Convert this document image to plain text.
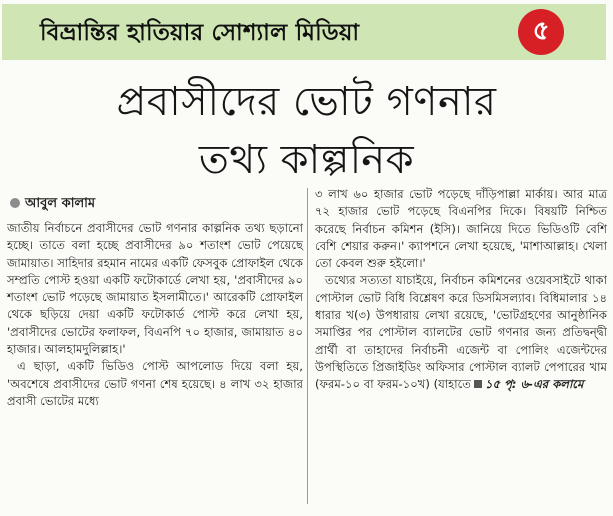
বিভ্রান্তির হাতিয়ার সোশ্যাল মিডিয়া	৫
প্রবাসীদের ভোট গণনার
তথ্য কাল্পনিক
আবুল কালাম

জাতীয় নির্বাচনে প্রবাসীদের ভোট গণনার কাল্পনিক তথ্য ছড়ানো হচ্ছে। তাতে বলা হচ্ছে প্রবাসীদের ৯০ শতাংশ ভোট পেয়েছে জামায়াত। সাহিদার রহমান নামের একটি ফেসবুক প্রোফাইল থেকে সম্প্রতি পোস্ট হওয়া একটি ফটোকার্ডে লেখা হয়, 'প্রবাসীদের ৯০ শতাংশ ভোট পড়েছে জামায়াত ইসলামীতে।' আরেকটি প্রোফাইল থেকে ছড়িয়ে দেয়া একটি ফটোকার্ড পোস্ট করে লেখা হয়, 'প্রবাসীদের ভোটের ফলাফল, বিএনপি ৭০ হাজার, জামায়াত ৪০ হাজার। আলহামদুলিল্লাহ।'

এ ছাড়া, একটি ভিডিও পোস্ট আপলোড দিয়ে বলা হয়, 'অবশেষে প্রবাসীদের ভোট গণনা শেষ হয়েছে। ৪ লাখ ৩২ হাজার প্রবাসী ভোটের মধ্যে

৩ লাখ ৬০ হাজার ভোট পড়েছে দাঁড়িপাল্লা মার্কায়। আর মাত্র ৭২ হাজার ভোট পড়েছে বিএনপির দিকে। বিষয়টি নিশ্চিত করেছে নির্বাচন কমিশন (ইসি)। জানিয়ে দিতে ভিডিওটি বেশি বেশি শেয়ার করুন।' ক্যাপশনে লেখা হয়েছে, 'মাশাআল্লাহ। খেলা তো কেবল শুরু হইলো।'

তথ্যের সত্যতা যাচাইয়ে, নির্বাচন কমিশনের ওয়েবসাইটে থাকা পোস্টাল ভোট বিধি বিশ্লেষণ করে ডিসমিসল্যাব। বিধিমালার ১৪ ধারার খ(৩) উপধারায় লেখা রয়েছে, 'ভোটগ্রহণের আনুষ্ঠানিক সমাপ্তির পর পোস্টাল ব্যালটের ভোট গণনার জন্য প্রতিদ্বন্দ্বী প্রার্থী বা তাহাদের নির্বাচনী এজেন্ট বা পোলিং এজেন্টদের উপস্থিতিতে প্রিজাইডিং অফিসার পোস্টাল ব্যালট পেপারের খাম (ফরম-১০ বা ফরম-১০খ) (যাহাতে ১৫ পৃ: ৬-এর কলামে
